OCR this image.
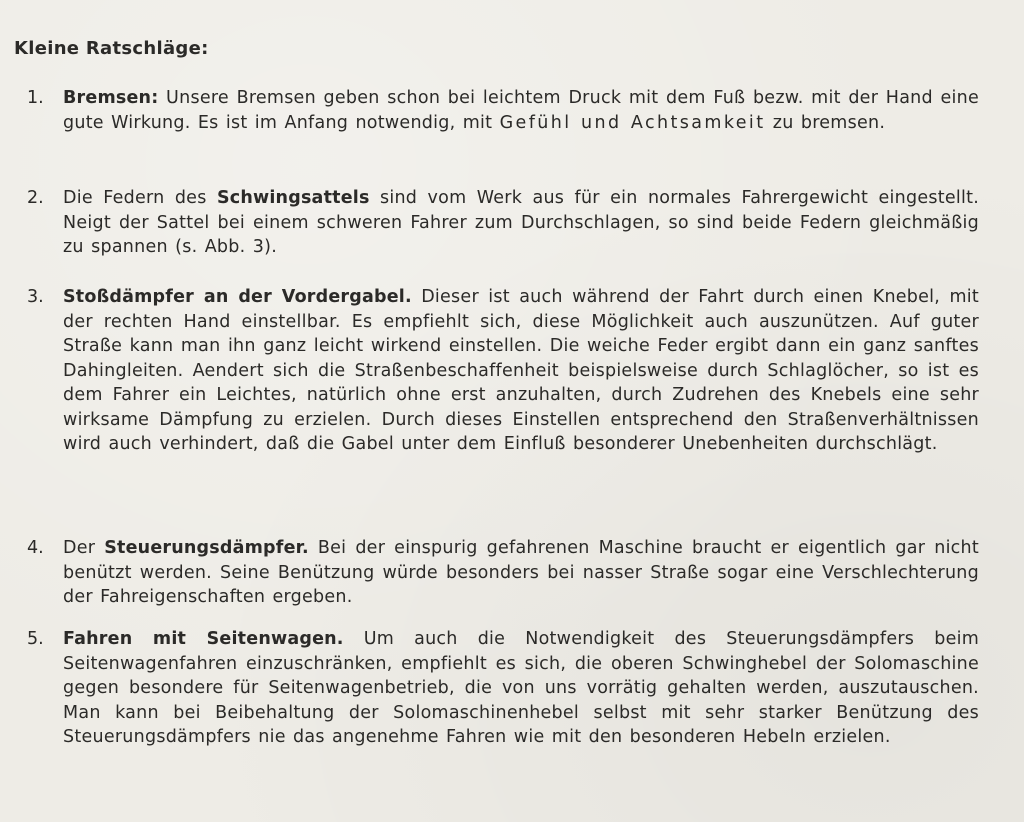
Kleine Ratschläge:
1.	Bremsen: Unsere Bremsen geben schon bei leichtem Druck mit dem Fuß bezw. mit der Hand eine gute Wirkung. Es ist im Anfang notwendig, mit Gefühl und Achtsamkeit zu bremsen.

2.	Die Federn des Schwingsattels sind vom Werk aus für ein normales Fahrergewicht eingestellt. Neigt der Sattel bei einem schweren Fahrer zum Durchschlagen, so sind beide Federn gleichmäßig zu spannen (s. Abb. 3).

3.	Stoßdämpfer an der Vordergabel. Dieser ist auch während der Fahrt durch einen Knebel, mit der rechten Hand einstellbar. Es empfiehlt sich, diese Möglichkeit auch auszunützen. Auf guter Straße kann man ihn ganz leicht wirkend einstellen. Die weiche Feder ergibt dann ein ganz sanftes Dahingleiten. Aendert sich die Straßenbeschaffenheit beispielsweise durch Schlaglöcher, so ist es dem Fahrer ein Leichtes, natürlich ohne erst anzuhalten, durch Zudrehen des Knebels eine sehr wirksame Dämpfung zu erzielen. Durch dieses Einstellen entsprechend den Straßenverhältnissen wird auch verhindert, daß die Gabel unter dem Einfluß besonderer Unebenheiten durchschlägt.

4.	Der Steuerungsdämpfer. Bei der einspurig gefahrenen Maschine braucht er eigentlich gar nicht benützt werden. Seine Benützung würde besonders bei nasser Straße sogar eine Verschlechterung der Fahreigenschaften ergeben.

5.	Fahren mit Seitenwagen. Um auch die Notwendigkeit des Steuerungsdämpfers beim Seitenwagenfahren einzuschränken, empfiehlt es sich, die oberen Schwinghebel der Solomaschine gegen besondere für Seitenwagenbetrieb, die von uns vorrätig gehalten werden, auszutauschen. Man kann bei Beibehaltung der Solomaschinenhebel selbst mit sehr starker Benützung des Steuerungsdämpfers nie das angenehme Fahren wie mit den besonderen Hebeln erzielen.
